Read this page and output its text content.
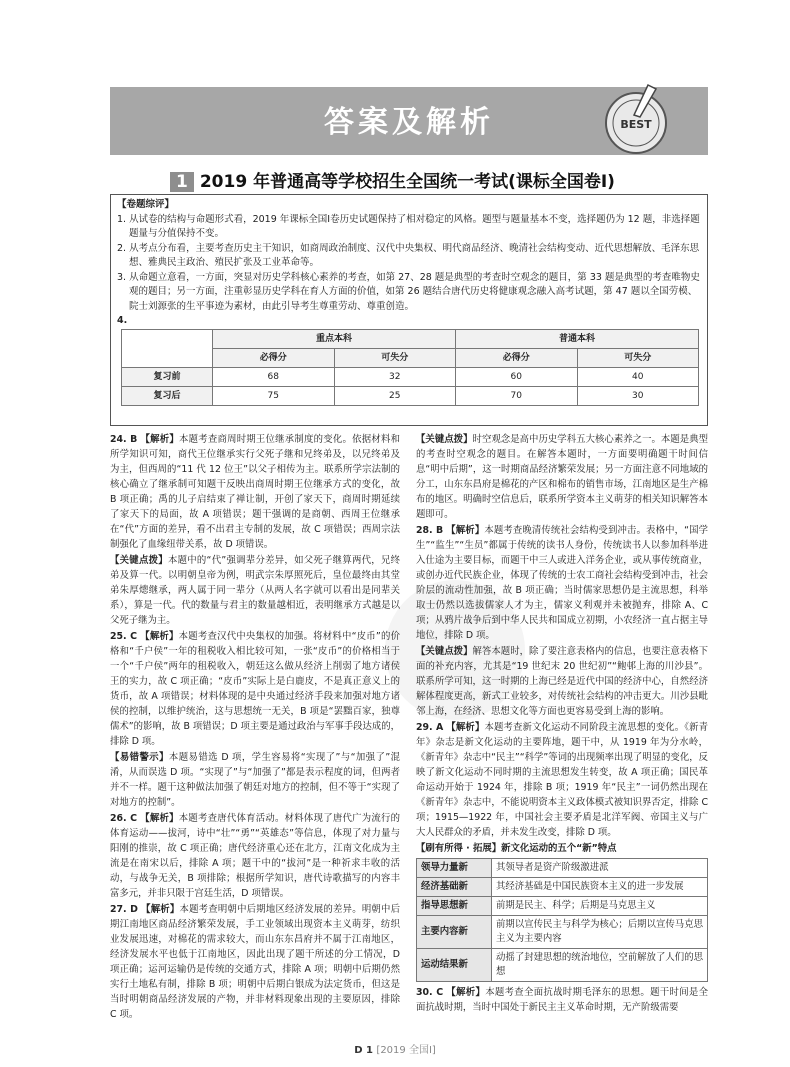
答案及解析	BEST
1 2019 年普通高等学校招生全国统一考试(课标全国卷Ⅰ)

【卷题综评】

1. 从试卷的结构与命题形式看，2019 年课标全国Ⅰ卷历史试题保持了相对稳定的风格。题型与题量基本不变，选择题仍为 12 题，非选择题题量与分值保持不变。

2. 从考点分布看，主要考查历史主干知识，如商周政治制度、汉代中央集权、明代商品经济、晚清社会结构变动、近代思想解放、毛泽东思想、雅典民主政治、殖民扩张及工业革命等。

3. 从命题立意看，一方面，突显对历史学科核心素养的考查，如第 27、28 题是典型的考查时空观念的题目，第 33 题是典型的考查唯物史观的题目；另一方面，注重彰显历史学科在育人方面的价值，如第 26 题结合唐代历史将健康观念融入高考试题，第 47 题以全国劳模、院士刘源张的生平事迹为素材，由此引导考生尊重劳动、尊重创造。

4.

	重点本科		普通本科	
	必得分	可失分	必得分	可失分
复习前	68	32	60	40
复习后	75	25	70	30

24. B 【解析】本题考查商周时期王位继承制度的变化。依据材料和所学知识可知，商代王位继承实行父死子继和兄终弟及，以兄终弟及为主，但西周的“11 代 12 位王”以父子相传为主。联系所学宗法制的核心确立了继承制可知题干反映出商周时期王位继承方式的变化，故 B 项正确；禹的儿子启结束了禅让制，开创了家天下，商周时期延续了家天下的局面，故 A 项错误；题干强调的是商朝、西周王位继承在“代”方面的差异，看不出君主专制的发展，故 C 项错误；西周宗法制强化了血缘纽带关系，故 D 项错误。

【关键点拨】本题中的“代”强调辈分差异，如父死子继算两代，兄终弟及算一代。以明朝皇帝为例，明武宗朱厚照死后，皇位最终由其堂弟朱厚熜继承，两人属于同一辈分（从两人名字就可以看出是同辈关系），算是一代。代的数量与君主的数量越相近，表明继承方式越是以父死子继为主。

25. C 【解析】本题考查汉代中央集权的加强。将材料中“皮币”的价格和“千户侯”一年的租税收入相比较可知，一张“皮币”的价格相当于一个“千户侯”两年的租税收入，朝廷这么做从经济上削弱了地方诸侯王的实力，故 C 项正确；“皮币”实际上是白鹿皮，不是真正意义上的货币，故 A 项错误；材料体现的是中央通过经济手段来加强对地方诸侯的控制，以维护统治，这与思想统一无关，B 项是“罢黜百家，独尊儒术”的影响，故 B 项错误；D 项主要是通过政治与军事手段达成的，排除 D 项。

【易错警示】本题易错选 D 项，学生容易将“实现了”与“加强了”混淆，从而误选 D 项。“实现了”与“加强了”都是表示程度的词，但两者并不一样。题干这种做法加强了朝廷对地方的控制，但不等于“实现了对地方的控制”。

26. C 【解析】本题考查唐代体育活动。材料体现了唐代广为流行的体育运动——拔河，诗中“壮”“勇”“英雄态”等信息，体现了对力量与阳刚的推崇，故 C 项正确；唐代经济重心还在北方，江南文化成为主流是在南宋以后，排除 A 项；题干中的“拔河”是一种祈求丰收的活动，与战争无关，B 项排除；根据所学知识，唐代诗歌描写的内容丰富多元，并非只限于宫廷生活，D 项错误。

27. D 【解析】本题考查明朝中后期地区经济发展的差异。明朝中后期江南地区商品经济繁荣发展，手工业领域出现资本主义萌芽，纺织业发展迅速，对棉花的需求较大，而山东东昌府并不属于江南地区，经济发展水平也低于江南地区，因此出现了题干所述的分工情况，D 项正确；运河运输仍是传统的交通方式，排除 A 项；明朝中后期仍然实行土地私有制，排除 B 项；明朝中后期白银成为法定货币，但这是当时明朝商品经济发展的产物，并非材料现象出现的主要原因，排除 C 项。

【关键点拨】时空观念是高中历史学科五大核心素养之一。本题是典型的考查时空观念的题目。在解答本题时，一方面要明确题干时间信息“明中后期”，这一时期商品经济繁荣发展；另一方面注意不同地域的分工，山东东昌府是棉花的产区和棉布的销售市场，江南地区是生产棉布的地区。明确时空信息后，联系所学资本主义萌芽的相关知识解答本题即可。

28. B 【解析】本题考查晚清传统社会结构受到冲击。表格中，“国学生”“监生”“生员”都属于传统的读书人身份，传统读书人以参加科举进入仕途为主要目标，而题干中三人或进入洋务企业，或从事传统商业，或创办近代民族企业，体现了传统的士农工商社会结构受到冲击，社会阶层的流动性加强，故 B 项正确；当时儒家思想仍是主流思想，科举取士仍然以选拔儒家人才为主，儒家义利观并未被抛弃，排除 A、C 项；从鸦片战争后到中华人民共和国成立初期，小农经济一直占据主导地位，排除 D 项。

【关键点拨】解答本题时，除了要注意表格内的信息，也要注意表格下面的补充内容，尤其是“19 世纪末 20 世纪初”“鲍邨上海的川沙县”。联系所学可知，这一时期的上海已经是近代中国的经济中心，自然经济解体程度更高，新式工业较多，对传统社会结构的冲击更大。川沙县毗邻上海，在经济、思想文化等方面也更容易受到上海的影响。

29. A 【解析】本题考查新文化运动不同阶段主流思想的变化。《新青年》杂志是新文化运动的主要阵地，题干中，从 1919 年为分水岭，《新青年》杂志中“民主”“科学”等词的出现频率出现了明显的变化，反映了新文化运动不同时期的主流思想发生转变，故 A 项正确；国民革命运动开始于 1924 年，排除 B 项；1919 年“民主”一词仍然出现在《新青年》杂志中，不能说明资本主义政体模式被知识界否定，排除 C 项；1915—1922 年，中国社会主要矛盾是北洋军阀、帝国主义与广大人民群众的矛盾，并未发生改变，排除 D 项。

【刷有所得 · 拓展】新文化运动的五个“新”特点

领导力量新	其领导者是资产阶级激进派
经济基础新	其经济基础是中国民族资本主义的进一步发展
指导思想新	前期是民主、科学；后期是马克思主义
主要内容新	前期以宣传民主与科学为核心；后期以宣传马克思主义为主要内容
运动结果新	动摇了封建思想的统治地位，空前解放了人们的思想

30. C 【解析】本题考查全面抗战时期毛泽东的思想。题干时间是全面抗战时期，当时中国处于新民主主义革命时期，无产阶级需要

D 1 [2019 全国Ⅰ]
